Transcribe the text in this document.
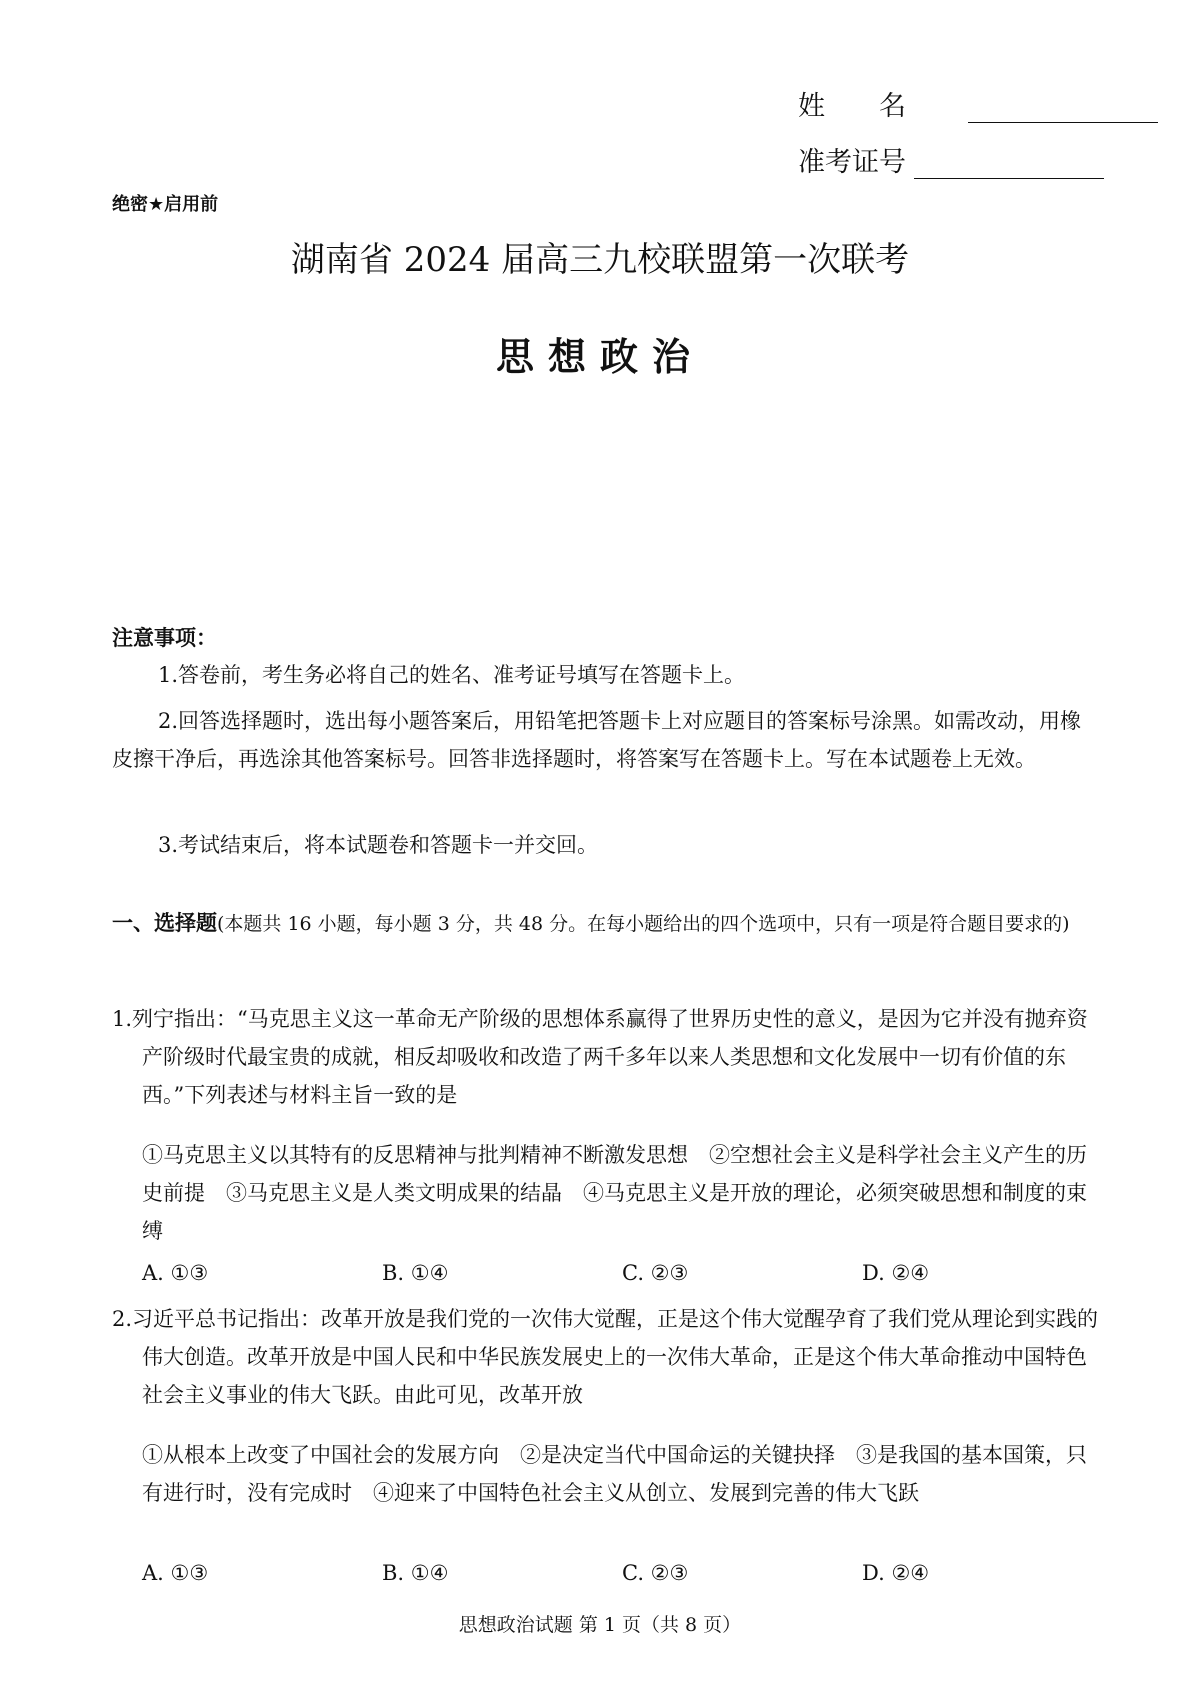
姓名
准考证号
绝密★启用前
湖南省 2024 届高三九校联盟第一次联考
思想政治
注意事项：
1.答卷前，考生务必将自己的姓名、准考证号填写在答题卡上。
2.回答选择题时，选出每小题答案后，用铅笔把答题卡上对应题目的答案标号涂黑。如需改动，用橡皮擦干净后，再选涂其他答案标号。回答非选择题时，将答案写在答题卡上。写在本试题卷上无效。
3.考试结束后，将本试题卷和答题卡一并交回。
一、选择题(本题共 16 小题，每小题 3 分，共 48 分。在每小题给出的四个选项中，只有一项是符合题目要求的)
1.列宁指出：“马克思主义这一革命无产阶级的思想体系赢得了世界历史性的意义，是因为它并没有抛弃资产阶级时代最宝贵的成就，相反却吸收和改造了两千多年以来人类思想和文化发展中一切有价值的东西。”下列表述与材料主旨一致的是
①马克思主义以其特有的反思精神与批判精神不断激发思想　②空想社会主义是科学社会主义产生的历史前提　③马克思主义是人类文明成果的结晶　④马克思主义是开放的理论，必须突破思想和制度的束缚
A. ①③	B. ①④	C. ②③	D. ②④
2.习近平总书记指出：改革开放是我们党的一次伟大觉醒，正是这个伟大觉醒孕育了我们党从理论到实践的伟大创造。改革开放是中国人民和中华民族发展史上的一次伟大革命，正是这个伟大革命推动中国特色社会主义事业的伟大飞跃。由此可见，改革开放
①从根本上改变了中国社会的发展方向　②是决定当代中国命运的关键抉择　③是我国的基本国策，只有进行时，没有完成时　④迎来了中国特色社会主义从创立、发展到完善的伟大飞跃
A. ①③	B. ①④	C. ②③	D. ②④
思想政治试题 第 1 页（共 8 页）
